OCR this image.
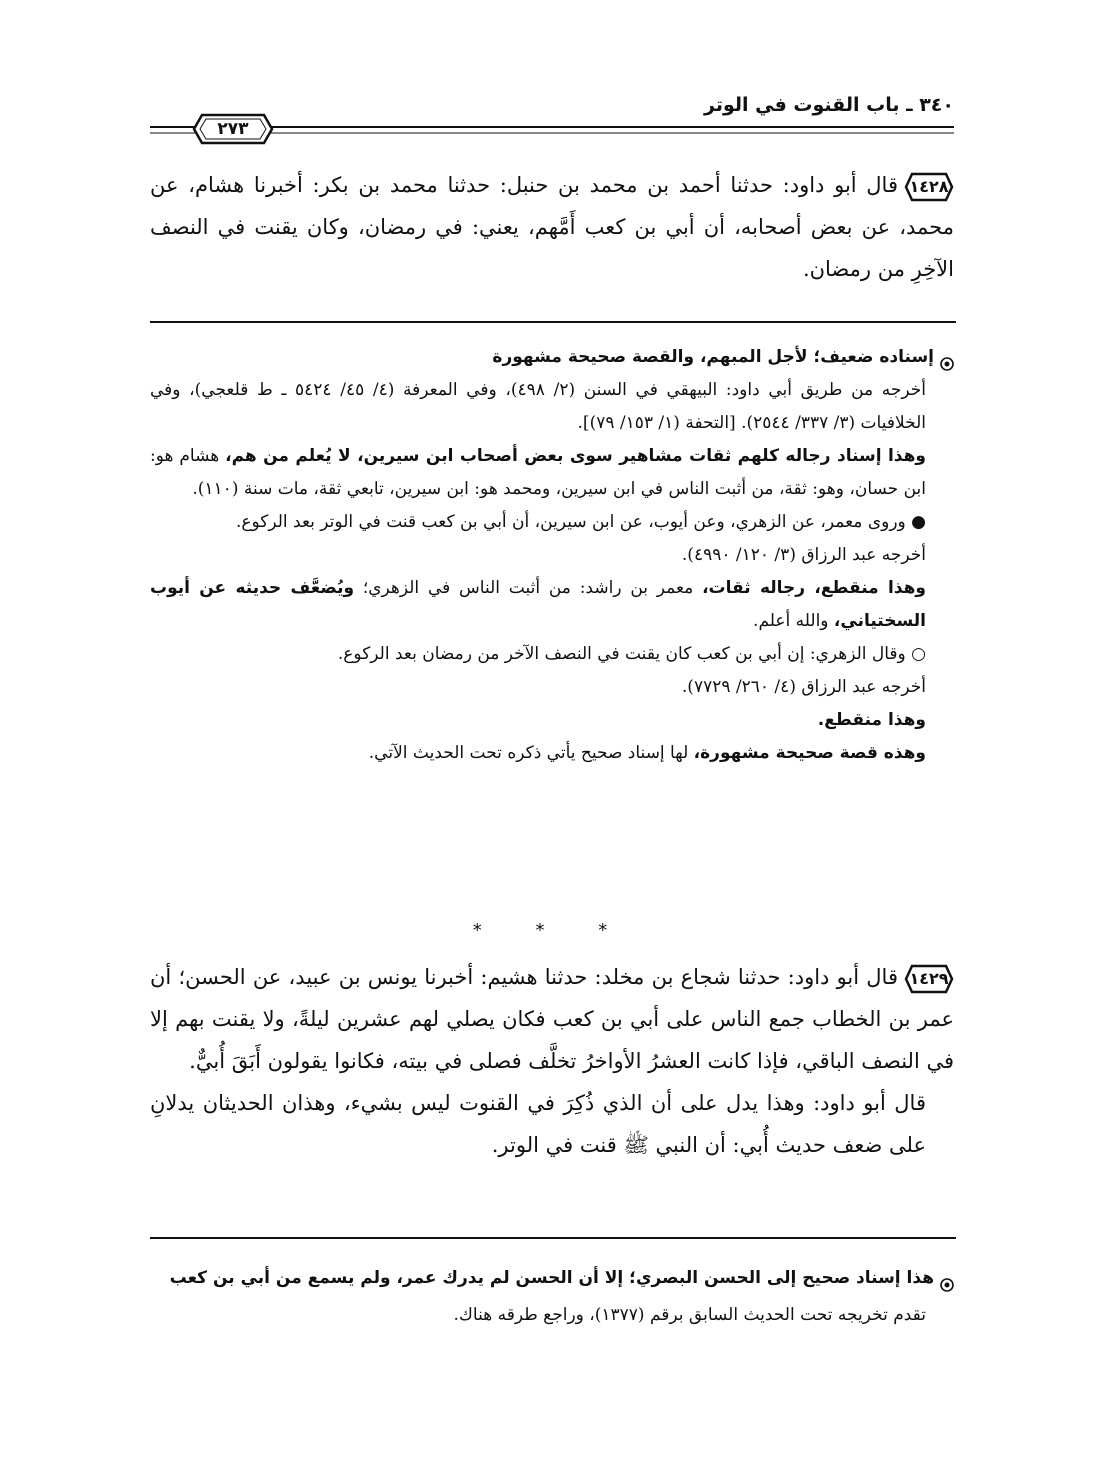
٣٤٠ ـ باب القنوت في الوتر
٢٧٣

١٤٢٨قال أبو داود: حدثنا أحمد بن محمد بن حنبل: حدثنا محمد بن بكر: أخبرنا هشام، عن محمد، عن بعض أصحابه، أن أبي بن كعب أَمَّهم، يعني: في رمضان، وكان يقنت في النصف الآخِرِ من رمضان.

إسناده ضعيف؛ لأجل المبهم، والقصة صحيحة مشهورة

أخرجه من طريق أبي داود: البيهقي في السنن (٢/ ٤٩٨)، وفي المعرفة (٤/ ٤٥/ ٥٤٢٤ ـ ط قلعجي)، وفي الخلافيات (٣/ ٣٣٧/ ٢٥٤٤). [التحفة (١/ ١٥٣/ ٧٩)].

وهذا إسناد رجاله كلهم ثقات مشاهير سوى بعض أصحاب ابن سيرين، لا يُعلم من هم، هشام هو: ابن حسان، وهو: ثقة، من أثبت الناس في ابن سيرين، ومحمد هو: ابن سيرين، تابعي ثقة، مات سنة (١١٠).

● وروى معمر، عن الزهري، وعن أيوب، عن ابن سيرين، أن أبي بن كعب قنت في الوتر بعد الركوع.

أخرجه عبد الرزاق (٣/ ١٢٠/ ٤٩٩٠).

وهذا منقطع، رجاله ثقات، معمر بن راشد: من أثبت الناس في الزهري؛ ويُضعَّف حديثه عن أيوب السختياني، والله أعلم.

○ وقال الزهري: إن أبي بن كعب كان يقنت في النصف الآخر من رمضان بعد الركوع.

أخرجه عبد الرزاق (٤/ ٢٦٠/ ٧٧٢٩).

وهذا منقطع.

وهذه قصة صحيحة مشهورة، لها إسناد صحيح يأتي ذكره تحت الحديث الآتي.

* * *

١٤٢٩قال أبو داود: حدثنا شجاع بن مخلد: حدثنا هشيم: أخبرنا يونس بن عبيد، عن الحسن؛ أن عمر بن الخطاب جمع الناس على أبي بن كعب فكان يصلي لهم عشرين ليلةً، ولا يقنت بهم إلا في النصف الباقي، فإذا كانت العشرُ الأواخرُ تخلَّف فصلى في بيته، فكانوا يقولون أَبَقَ أُبيٌّ.

قال أبو داود: وهذا يدل على أن الذي ذُكِرَ في القنوت ليس بشيء، وهذان الحديثان يدلانِ على ضعف حديث أُبي: أن النبي ﷺ قنت في الوتر.

هذا إسناد صحيح إلى الحسن البصري؛ إلا أن الحسن لم يدرك عمر، ولم يسمع من أبي بن كعب

تقدم تخريجه تحت الحديث السابق برقم (١٣٧٧)، وراجع طرقه هناك.
